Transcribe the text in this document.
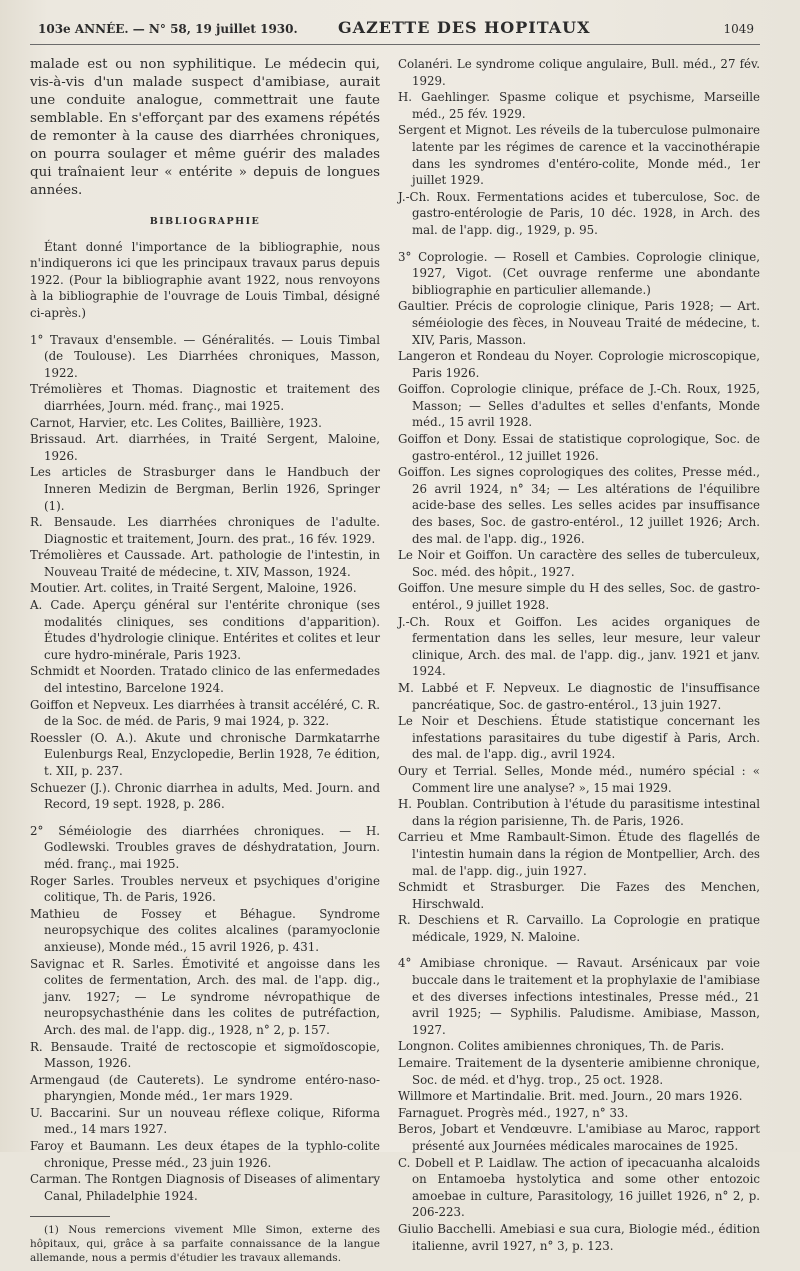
103e ANNÉE. — N° 58, 19 juillet 1930.	GAZETTE DES HOPITAUX	1049

malade est ou non syphilitique. Le médecin qui, vis-à-vis d'un malade suspect d'amibiase, aurait une conduite analogue, commettrait une faute semblable. En s'efforçant par des examens répétés de remonter à la cause des diarrhées chroniques, on pourra soulager et même guérir des malades qui traînaient leur « entérite » depuis de longues années.

BIBLIOGRAPHIE

Étant donné l'importance de la bibliographie, nous n'indiquerons ici que les principaux travaux parus depuis 1922. (Pour la bibliographie avant 1922, nous renvoyons à la bibliographie de l'ouvrage de Louis Timbal, désigné ci-après.)

1° Travaux d'ensemble. — Généralités. — Louis Timbal (de Toulouse). Les Diarrhées chroniques, Masson, 1922.

Trémolières et Thomas. Diagnostic et traitement des diarrhées, Journ. méd. franç., mai 1925.

Carnot, Harvier, etc. Les Colites, Baillière, 1923.

Brissaud. Art. diarrhées, in Traité Sergent, Maloine, 1926.

Les articles de Strasburger dans le Handbuch der Inneren Medizin de Bergman, Berlin 1926, Springer (1).

R. Bensaude. Les diarrhées chroniques de l'adulte. Diagnostic et traitement, Journ. des prat., 16 fév. 1929.

Trémolières et Caussade. Art. pathologie de l'intestin, in Nouveau Traité de médecine, t. XIV, Masson, 1924.

Moutier. Art. colites, in Traité Sergent, Maloine, 1926.

A. Cade. Aperçu général sur l'entérite chronique (ses modalités cliniques, ses conditions d'apparition). Études d'hydrologie clinique. Entérites et colites et leur cure hydro-minérale, Paris 1923.

Schmidt et Noorden. Tratado clinico de las enfermedades del intestino, Barcelone 1924.

Goiffon et Nepveux. Les diarrhées à transit accéléré, C. R. de la Soc. de méd. de Paris, 9 mai 1924, p. 322.

Roessler (O. A.). Akute und chronische Darmkatarrhe Eulenburgs Real, Enzyclopedie, Berlin 1928, 7e édition, t. XII, p. 237.

Schuezer (J.). Chronic diarrhea in adults, Med. Journ. and Record, 19 sept. 1928, p. 286.

2° Séméiologie des diarrhées chroniques. — H. Godlewski. Troubles graves de déshydratation, Journ. méd. franç., mai 1925.

Roger Sarles. Troubles nerveux et psychiques d'origine colitique, Th. de Paris, 1926.

Mathieu de Fossey et Béhague. Syndrome neuropsychique des colites alcalines (paramyoclonie anxieuse), Monde méd., 15 avril 1926, p. 431.

Savignac et R. Sarles. Émotivité et angoisse dans les colites de fermentation, Arch. des mal. de l'app. dig., janv. 1927; — Le syndrome névropathique de neuropsychasthénie dans les colites de putréfaction, Arch. des mal. de l'app. dig., 1928, n° 2, p. 157.

R. Bensaude. Traité de rectoscopie et sigmoïdoscopie, Masson, 1926.

Armengaud (de Cauterets). Le syndrome entéro-naso-pharyngien, Monde méd., 1er mars 1929.

U. Baccarini. Sur un nouveau réflexe colique, Riforma med., 14 mars 1927.

Faroy et Baumann. Les deux étapes de la typhlo-colite chronique, Presse méd., 23 juin 1926.

Carman. The Rontgen Diagnosis of Diseases of alimentary Canal, Philadelphie 1924.

(1) Nous remercions vivement Mlle Simon, externe des hôpitaux, qui, grâce à sa parfaite connaissance de la langue allemande, nous a permis d'étudier les travaux allemands.

Colanéri. Le syndrome colique angulaire, Bull. méd., 27 fév. 1929.

H. Gaehlinger. Spasme colique et psychisme, Marseille méd., 25 fév. 1929.

Sergent et Mignot. Les réveils de la tuberculose pulmonaire latente par les régimes de carence et la vaccinothérapie dans les syndromes d'entéro-colite, Monde méd., 1er juillet 1929.

J.-Ch. Roux. Fermentations acides et tuberculose, Soc. de gastro-entérologie de Paris, 10 déc. 1928, in Arch. des mal. de l'app. dig., 1929, p. 95.

3° Coprologie. — Rosell et Cambies. Coprologie clinique, 1927, Vigot. (Cet ouvrage renferme une abondante bibliographie en particulier allemande.)

Gaultier. Précis de coprologie clinique, Paris 1928; — Art. séméiologie des fèces, in Nouveau Traité de médecine, t. XIV, Paris, Masson.

Langeron et Rondeau du Noyer. Coprologie microscopique, Paris 1926.

Goiffon. Coprologie clinique, préface de J.-Ch. Roux, 1925, Masson; — Selles d'adultes et selles d'enfants, Monde méd., 15 avril 1928.

Goiffon et Dony. Essai de statistique coprologique, Soc. de gastro-entérol., 12 juillet 1926.

Goiffon. Les signes coprologiques des colites, Presse méd., 26 avril 1924, n° 34; — Les altérations de l'équilibre acide-base des selles. Les selles acides par insuffisance des bases, Soc. de gastro-entérol., 12 juillet 1926; Arch. des mal. de l'app. dig., 1926.

Le Noir et Goiffon. Un caractère des selles de tuberculeux, Soc. méd. des hôpit., 1927.

Goiffon. Une mesure simple du H des selles, Soc. de gastro-entérol., 9 juillet 1928.

J.-Ch. Roux et Goiffon. Les acides organiques de fermentation dans les selles, leur mesure, leur valeur clinique, Arch. des mal. de l'app. dig., janv. 1921 et janv. 1924.

M. Labbé et F. Nepveux. Le diagnostic de l'insuffisance pancréatique, Soc. de gastro-entérol., 13 juin 1927.

Le Noir et Deschiens. Étude statistique concernant les infestations parasitaires du tube digestif à Paris, Arch. des mal. de l'app. dig., avril 1924.

Oury et Terrial. Selles, Monde méd., numéro spécial : « Comment lire une analyse? », 15 mai 1929.

H. Poublan. Contribution à l'étude du parasitisme intestinal dans la région parisienne, Th. de Paris, 1926.

Carrieu et Mme Rambault-Simon. Étude des flagellés de l'intestin humain dans la région de Montpellier, Arch. des mal. de l'app. dig., juin 1927.

Schmidt et Strasburger. Die Fazes des Menchen, Hirschwald.

R. Deschiens et R. Carvaillo. La Coprologie en pratique médicale, 1929, N. Maloine.

4° Amibiase chronique. — Ravaut. Arsénicaux par voie buccale dans le traitement et la prophylaxie de l'amibiase et des diverses infections intestinales, Presse méd., 21 avril 1925; — Syphilis. Paludisme. Amibiase, Masson, 1927.

Longnon. Colites amibiennes chroniques, Th. de Paris.

Lemaire. Traitement de la dysenterie amibienne chronique, Soc. de méd. et d'hyg. trop., 25 oct. 1928.

Willmore et Martindalie. Brit. med. Journ., 20 mars 1926.

Farnaguet. Progrès méd., 1927, n° 33.

Beros, Jobart et Vendœuvre. L'amibiase au Maroc, rapport présenté aux Journées médicales marocaines de 1925.

C. Dobell et P. Laidlaw. The action of ipecacuanha alcaloids on Entamoeba hystolytica and some other entozoic amoebae in culture, Parasitology, 16 juillet 1926, n° 2, p. 206-223.

Giulio Bacchelli. Amebiasi e sua cura, Biologie méd., édition italienne, avril 1927, n° 3, p. 123.
